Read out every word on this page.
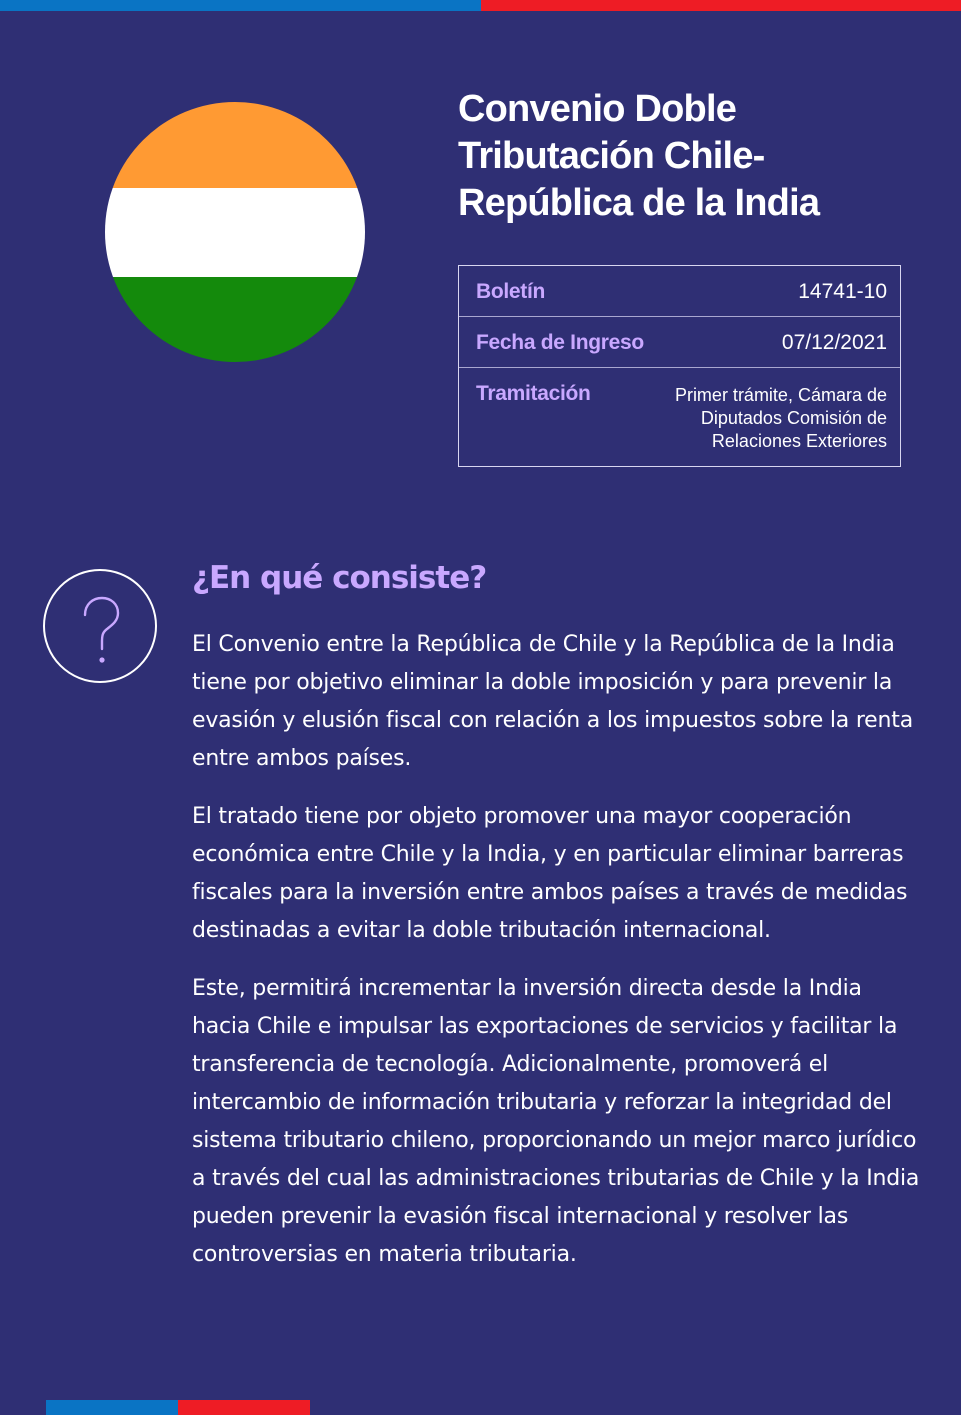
Convenio Doble Tributación Chile-República de la India
Boletín	14741-10
Fecha de Ingreso	07/12/2021
Tramitación	Primer trámite, Cámara de Diputados Comisión de Relaciones Exteriores
¿En qué consiste?

El Convenio entre la República de Chile y la República de la India tiene por objetivo eliminar la doble imposición y para prevenir la evasión y elusión fiscal con relación a los impuestos sobre la renta entre ambos países.

El tratado tiene por objeto promover una mayor cooperación económica entre Chile y la India, y en particular eliminar barreras fiscales para la inversión entre ambos países a través de medidas destinadas a evitar la doble tributación internacional.

Este, permitirá incrementar la inversión directa desde la India hacia Chile e impulsar las exportaciones de servicios y facilitar la transferencia de tecnología. Adicionalmente, promoverá el intercambio de información tributaria y reforzar la integridad del sistema tributario chileno, proporcionando un mejor marco jurídico a través del cual las administraciones tributarias de Chile y la India pueden prevenir la evasión fiscal internacional y resolver las controversias en materia tributaria.
